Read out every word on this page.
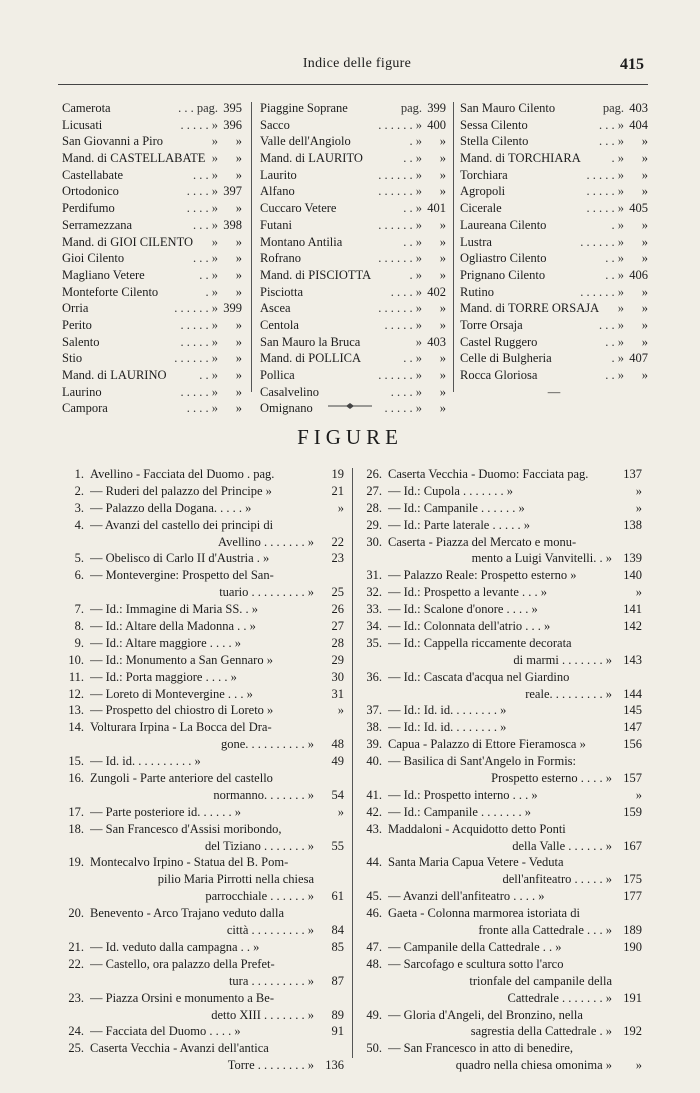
Indice delle figure	415
Camerota	. . . pag. 395
Licusati	. . . . . » 396
San Giovanni a Piro	» »
Mand. di CASTELLABATE » »
Castellabate	. . . » »
Ortodonico	. . . . » 397
Perdifumo	. . . . » »
Serramezzana	. . . » 398
Mand. di GIOI CILENTO	» »
Gioi Cilento	. . . » »
Magliano Vetere	. . » »
Monteforte Cilento	. » »
Orria	. . . . . . » 399
Perito	. . . . . » »
Salento	. . . . . » »
Stio	. . . . . . » »
Mand. di LAURINO	. . » »
Laurino	. . . . . » »
Campora	. . . . » »
Piaggine Soprane	pag. 399
Sacco	. . . . . . » 400
Valle dell'Angiolo	. » »
Mand. di LAURITO	. . » »
Laurito	. . . . . . » »
Alfano	. . . . . . » »
Cuccaro Vetere	. . » 401
Futani	. . . . . . » »
Montano Antilia	. . » »
Rofrano	. . . . . . » »
Mand. di PISCIOTTA	. » »
Pisciotta	. . . . » 402
Ascea	. . . . . . » »
Centola	. . . . . » »
San Mauro la Bruca	» 403
Mand. di POLLICA	. . » »
Pollica	. . . . . . » »
Casalvelino	. . . . » »
Omignano	. . . . . » »
San Mauro Cilento	pag. 403
Sessa Cilento	. . . » 404
Stella Cilento	. . . » »
Mand. di TORCHIARA	. » »
Torchiara	. . . . . » »
Agropoli	. . . . . » »
Cicerale	. . . . . » 405
Laureana Cilento	. » »
Lustra	. . . . . . » »
Ogliastro Cilento	. . » »
Prignano Cilento	. . » 406
Rutino	. . . . . . » »
Mand. di TORRE ORSAJA	» »
Torre Orsaja	. . . » »
Castel Ruggero	. . » »
Celle di Bulgheria	. » 407
Rocca Gloriosa	. . » »
—
FIGURE
1. Avellino - Facciata del Duomo . pag.	19
2. — Ruderi del palazzo del Principe »	21
3. — Palazzo della Dogana. . . . . »	»
4. — Avanzi del castello dei principi di
Avellino . . . . . . . »	22
5. — Obelisco di Carlo II d'Austria . »	23
6. — Montevergine: Prospetto del San-
tuario . . . . . . . . . »	25
7. — Id.: Immagine di Maria SS. . »	26
8. — Id.: Altare della Madonna . . »	27
9. — Id.: Altare maggiore . . . . »	28
10. — Id.: Monumento a San Gennaro »	29
11. — Id.: Porta maggiore . . . . »	30
12. — Loreto di Montevergine . . . »	31
13. — Prospetto del chiostro di Loreto »	»
14. Volturara Irpina - La Bocca del Dra-
gone. . . . . . . . . . »	48
15. — Id. id. . . . . . . . . . »	49
16. Zungoli - Parte anteriore del castello
normanno. . . . . . . »	54
17. — Parte posteriore id. . . . . . »	»
18. — San Francesco d'Assisi moribondo,
del Tiziano . . . . . . . »	55
19. Montecalvo Irpino - Statua del B. Pom-
pilio Maria Pirrotti nella chiesa
parrocchiale . . . . . . »	61
20. Benevento - Arco Trajano veduto dalla
città . . . . . . . . . »	84
21. — Id. veduto dalla campagna . . »	85
22. — Castello, ora palazzo della Prefet-
tura . . . . . . . . . »	87
23. — Piazza Orsini e monumento a Be-
detto XIII . . . . . . . »	89
24. — Facciata del Duomo . . . . »	91
25. Caserta Vecchia - Avanzi dell'antica
Torre . . . . . . . . » 136
26. Caserta Vecchia - Duomo: Facciata pag.	137
27. — Id.: Cupola . . . . . . . »	»
28. — Id.: Campanile . . . . . . »	»
29. — Id.: Parte laterale . . . . . »	138
30. Caserta - Piazza del Mercato e monu-
mento a Luigi Vanvitelli. . » 139
31. — Palazzo Reale: Prospetto esterno »	140
32. — Id.: Prospetto a levante . . . »	»
33. — Id.: Scalone d'onore . . . . »	141
34. — Id.: Colonnata dell'atrio . . . »	142
35. — Id.: Cappella riccamente decorata
di marmi . . . . . . . » 143
36. — Id.: Cascata d'acqua nel Giardino
reale. . . . . . . . . » 144
37. — Id.: Id. id. . . . . . . . »	145
38. — Id.: Id. id. . . . . . . . »	147
39. Capua - Palazzo di Ettore Fieramosca »	156
40. — Basilica di Sant'Angelo in Formis:
Prospetto esterno . . . . » 157
41. — Id.: Prospetto interno . . . »	»
42. — Id.: Campanile . . . . . . . »	159
43. Maddaloni - Acquidotto detto Ponti
della Valle . . . . . . » 167
44. Santa Maria Capua Vetere - Veduta
dell'anfiteatro . . . . . » 175
45. — Avanzi dell'anfiteatro . . . . »	177
46. Gaeta - Colonna marmorea istoriata di
fronte alla Cattedrale . . . » 189
47. — Campanile della Cattedrale . . »	190
48. — Sarcofago e scultura sotto l'arco
trionfale del campanile della
Cattedrale . . . . . . . » 191
49. — Gloria d'Angeli, del Bronzino, nella
sagrestia della Cattedrale . » 192
50. — San Francesco in atto di benedire,
quadro nella chiesa omonima »	»
